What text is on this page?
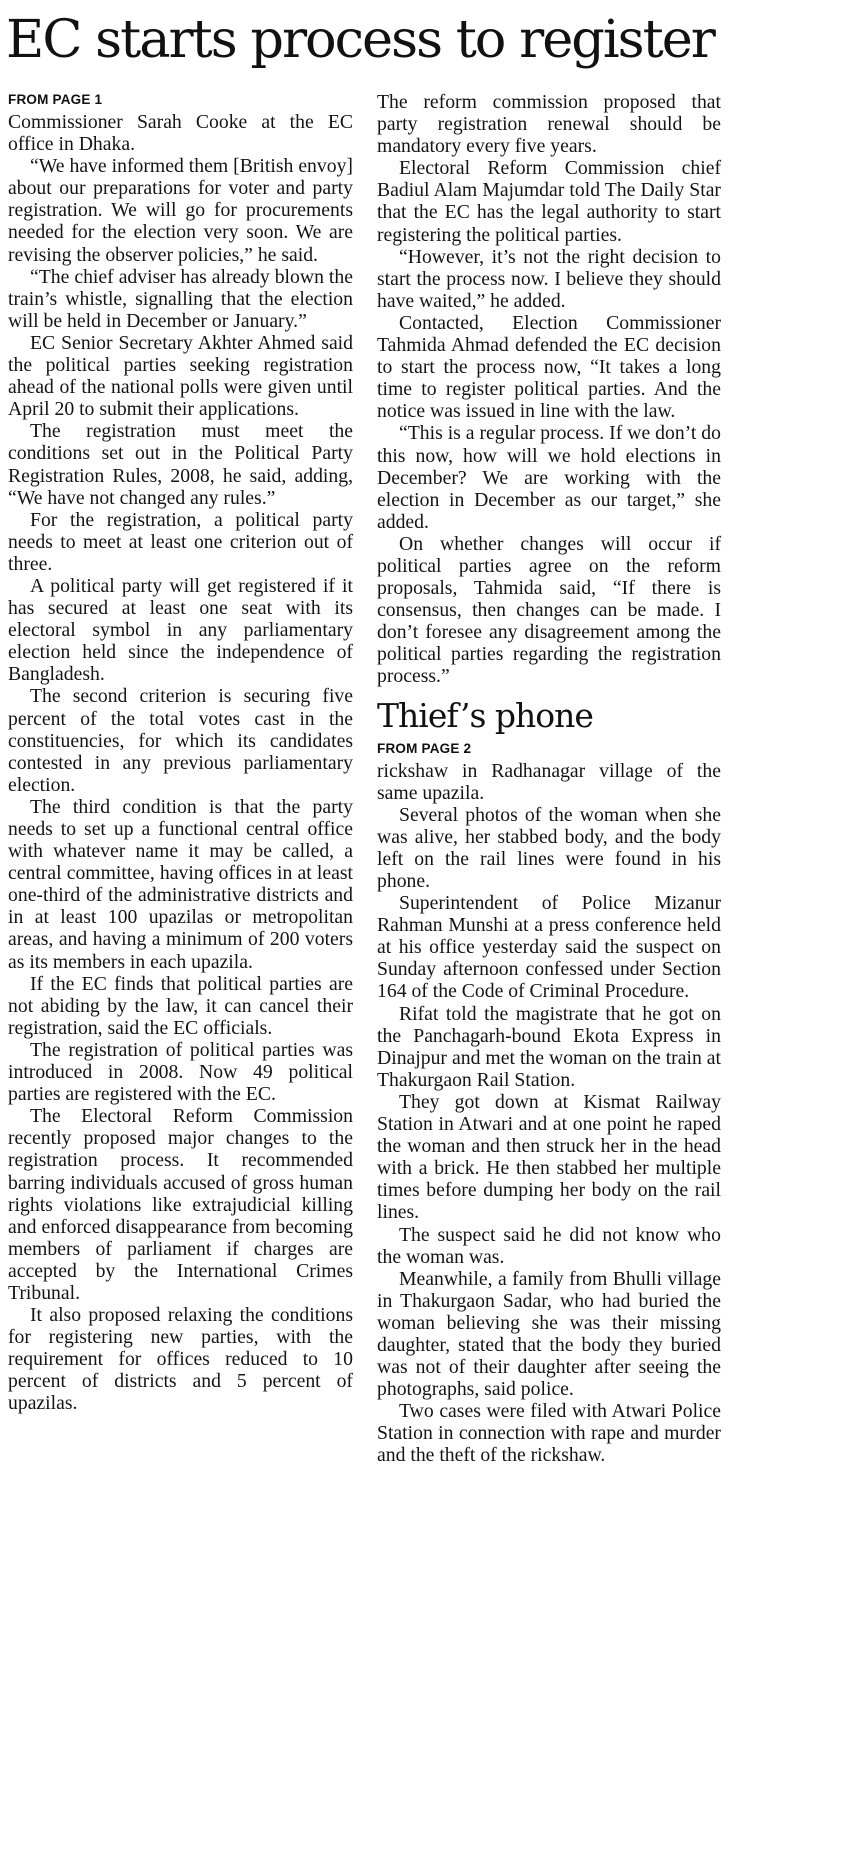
EC starts process to register
FROM PAGE 1

Commissioner Sarah Cooke at the EC office in Dhaka.

“We have informed them [British envoy] about our preparations for voter and party registration. We will go for procurements needed for the election very soon. We are revising the observer policies,” he said.

“The chief adviser has already blown the train’s whistle, signalling that the election will be held in December or January.”

EC Senior Secretary Akhter Ahmed said the political parties seeking registration ahead of the national polls were given until April 20 to submit their applications.

The registration must meet the conditions set out in the Political Party Registration Rules, 2008, he said, adding, “We have not changed any rules.”

For the registration, a political party needs to meet at least one criterion out of three.

A political party will get registered if it has secured at least one seat with its electoral symbol in any parliamentary election held since the independence of Bangladesh.

The second criterion is securing five percent of the total votes cast in the constituencies, for which its candidates contested in any previous parliamentary election.

The third condition is that the party needs to set up a functional central office with whatever name it may be called, a central committee, having offices in at least one-third of the administrative districts and in at least 100 upazilas or metropolitan areas, and having a minimum of 200 voters as its members in each upazila.

If the EC finds that political parties are not abiding by the law, it can cancel their registration, said the EC officials.

The registration of political parties was introduced in 2008. Now 49 political parties are registered with the EC.

The Electoral Reform Commission recently proposed major changes to the registration process. It recommended barring individuals accused of gross human rights violations like extrajudicial killing and enforced disappearance from becoming members of parliament if charges are accepted by the International Crimes Tribunal.

It also proposed relaxing the conditions for registering new parties, with the requirement for offices reduced to 10 percent of districts and 5 percent of upazilas.

The reform commission proposed that party registration renewal should be mandatory every five years.

Electoral Reform Commission chief Badiul Alam Majumdar told The Daily Star that the EC has the legal authority to start registering the political parties.

“However, it’s not the right decision to start the process now. I believe they should have waited,” he added.

Contacted, Election Commissioner Tahmida Ahmad defended the EC decision to start the process now, “It takes a long time to register political parties. And the notice was issued in line with the law.

“This is a regular process. If we don’t do this now, how will we hold elections in December? We are working with the election in December as our target,” she added.

On whether changes will occur if political parties agree on the reform proposals, Tahmida said, “If there is consensus, then changes can be made. I don’t foresee any disagreement among the political parties regarding the registration process.”

Thief’s phone
FROM PAGE 2

rickshaw in Radhanagar village of the same upazila.

Several photos of the woman when she was alive, her stabbed body, and the body left on the rail lines were found in his phone.

Superintendent of Police Mizanur Rahman Munshi at a press conference held at his office yesterday said the suspect on Sunday afternoon confessed under Section 164 of the Code of Criminal Procedure.

Rifat told the magistrate that he got on the Panchagarh-bound Ekota Express in Dinajpur and met the woman on the train at Thakurgaon Rail Station.

They got down at Kismat Railway Station in Atwari and at one point he raped the woman and then struck her in the head with a brick. He then stabbed her multiple times before dumping her body on the rail lines.

The suspect said he did not know who the woman was.

Meanwhile, a family from Bhulli village in Thakurgaon Sadar, who had buried the woman believing she was their missing daughter, stated that the body they buried was not of their daughter after seeing the photographs, said police.

Two cases were filed with Atwari Police Station in connection with rape and murder and the theft of the rickshaw.
